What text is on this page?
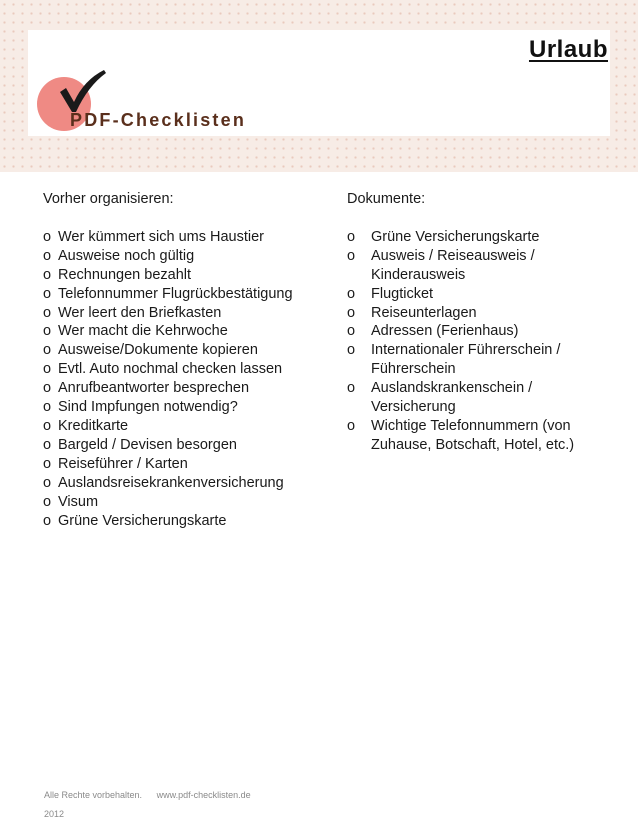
Urlaub
PDF-Checklisten
Vorher organisieren:
o Wer kümmert sich ums Haustier
o Ausweise noch gültig
o Rechnungen bezahlt
o Telefonnummer Flugrückbestätigung
o Wer leert den Briefkasten
o Wer macht die Kehrwoche
o Ausweise/Dokumente kopieren
o Evtl. Auto nochmal checken lassen
o Anrufbeantworter besprechen
o Sind Impfungen notwendig?
o Kreditkarte
o Bargeld / Devisen besorgen
o Reiseführer / Karten
o Auslandsreisekrankenversicherung
o Visum
o Grüne Versicherungskarte
Dokumente:
o	Grüne Versicherungskarte
o	Ausweis / Reiseausweis /
Kinderausweis
o	Flugticket
o	Reiseunterlagen
o	Adressen (Ferienhaus)
o	Internationaler Führerschein /
Führerschein
o	Auslandskrankenschein /
Versicherung
o	Wichtige Telefonnummern (von
Zuhause, Botschaft, Hotel, etc.)
Alle Rechte vorbehalten. www.pdf-checklisten.de
2012
